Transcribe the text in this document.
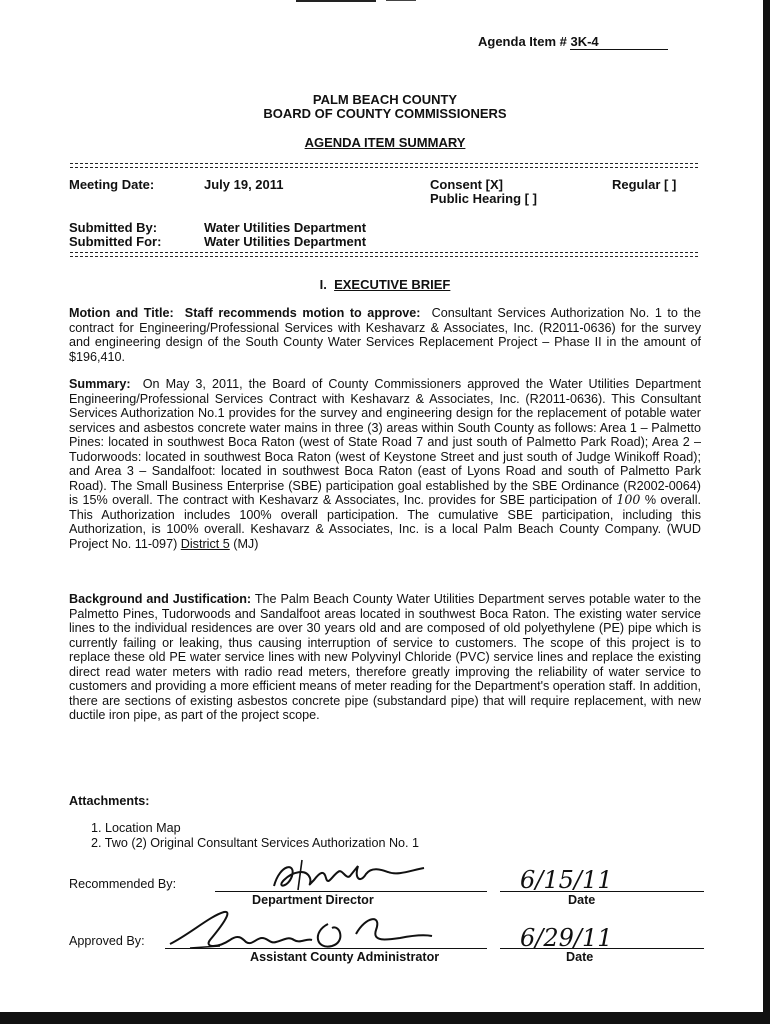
Agenda Item # 3K-4
PALM BEACH COUNTY
BOARD OF COUNTY COMMISSIONERS
AGENDA ITEM SUMMARY
Meeting Date:	July 19, 2011	Consent [X]	Regular [ ]
Public Hearing [ ]
Submitted By:	Water Utilities Department
Submitted For:	Water Utilities Department
I. EXECUTIVE BRIEF

Motion and Title: Staff recommends motion to approve: Consultant Services Authorization No. 1 to the contract for Engineering/Professional Services with Keshavarz & Associates, Inc. (R2011-0636) for the survey and engineering design of the South County Water Services Replacement Project – Phase II in the amount of $196,410.

Summary: On May 3, 2011, the Board of County Commissioners approved the Water Utilities Department Engineering/Professional Services Contract with Keshavarz & Associates, Inc. (R2011-0636). This Consultant Services Authorization No.1 provides for the survey and engineering design for the replacement of potable water services and asbestos concrete water mains in three (3) areas within South County as follows: Area 1 – Palmetto Pines: located in southwest Boca Raton (west of State Road 7 and just south of Palmetto Park Road); Area 2 – Tudorwoods: located in southwest Boca Raton (west of Keystone Street and just south of Judge Winikoff Road); and Area 3 – Sandalfoot: located in southwest Boca Raton (east of Lyons Road and south of Palmetto Park Road). The Small Business Enterprise (SBE) participation goal established by the SBE Ordinance (R2002-0064) is 15% overall. The contract with Keshavarz & Associates, Inc. provides for SBE participation of 100 % overall. This Authorization includes 100% overall participation. The cumulative SBE participation, including this Authorization, is 100% overall. Keshavarz & Associates, Inc. is a local Palm Beach County Company. (WUD Project No. 11-097) District 5 (MJ)

Background and Justification: The Palm Beach County Water Utilities Department serves potable water to the Palmetto Pines, Tudorwoods and Sandalfoot areas located in southwest Boca Raton. The existing water service lines to the individual residences are over 30 years old and are composed of old polyethylene (PE) pipe which is currently failing or leaking, thus causing interruption of service to customers. The scope of this project is to replace these old PE water service lines with new Polyvinyl Chloride (PVC) service lines and replace the existing direct read water meters with radio read meters, therefore greatly improving the reliability of water service to customers and providing a more efficient means of meter reading for the Department's operation staff. In addition, there are sections of existing asbestos concrete pipe (substandard pipe) that will require replacement, with new ductile iron pipe, as part of the project scope.

Attachments:
1. Location Map
2. Two (2) Original Consultant Services Authorization No. 1
Recommended By:
Department Director
6/15/11
Date
Approved By:
Assistant County Administrator
6/29/11
Date
